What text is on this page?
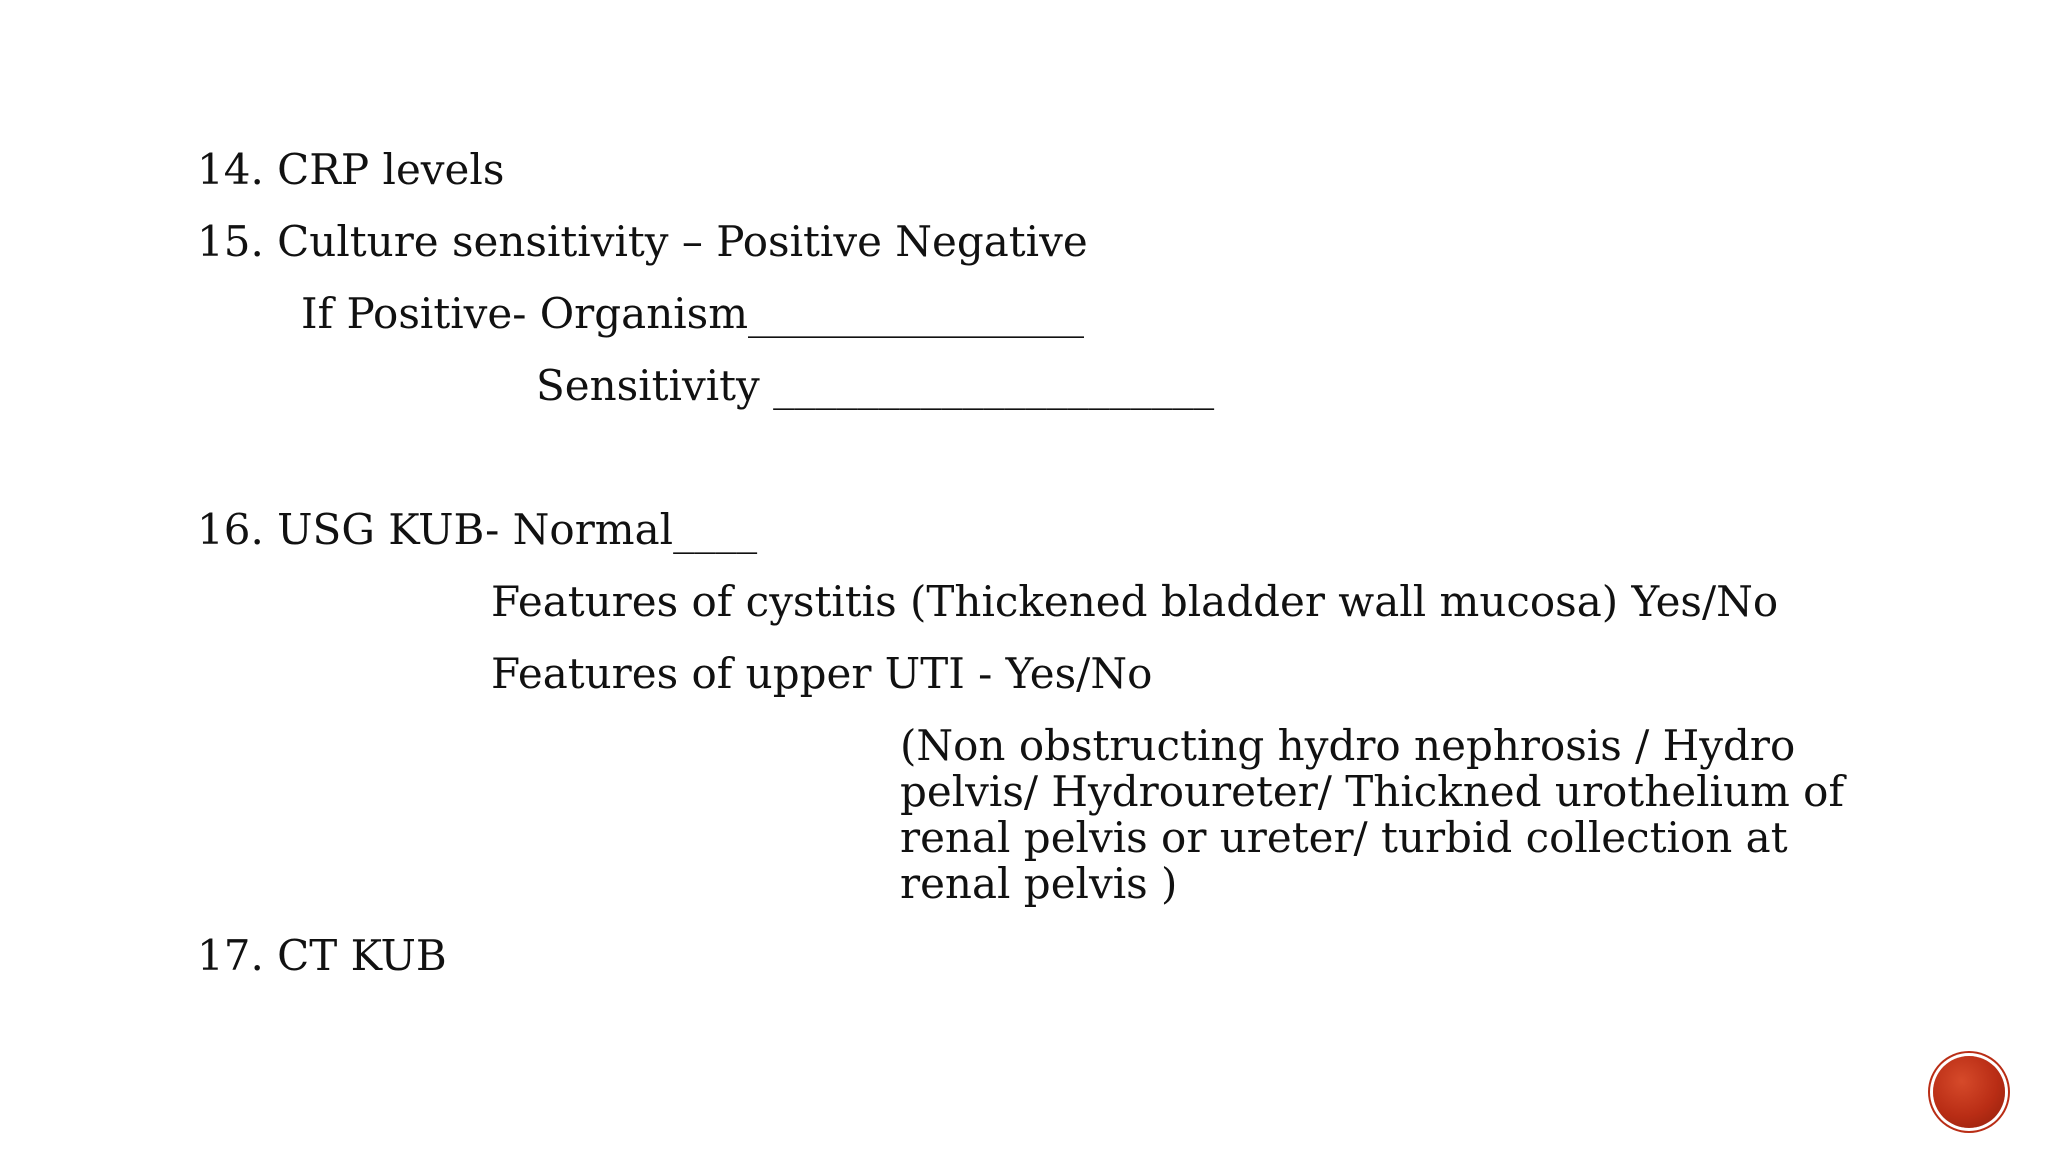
14. CRP levels

15. Culture sensitivity – Positive Negative

If Positive- Organism________________

Sensitivity _____________________

16. USG KUB- Normal____

Features of cystitis (Thickened bladder wall mucosa) Yes/No

Features of upper UTI - Yes/No

(Non obstructing hydro nephrosis / Hydro pelvis/ Hydroureter/ Thickned urothelium of renal pelvis or ureter/ turbid collection at renal pelvis )

17. CT KUB
